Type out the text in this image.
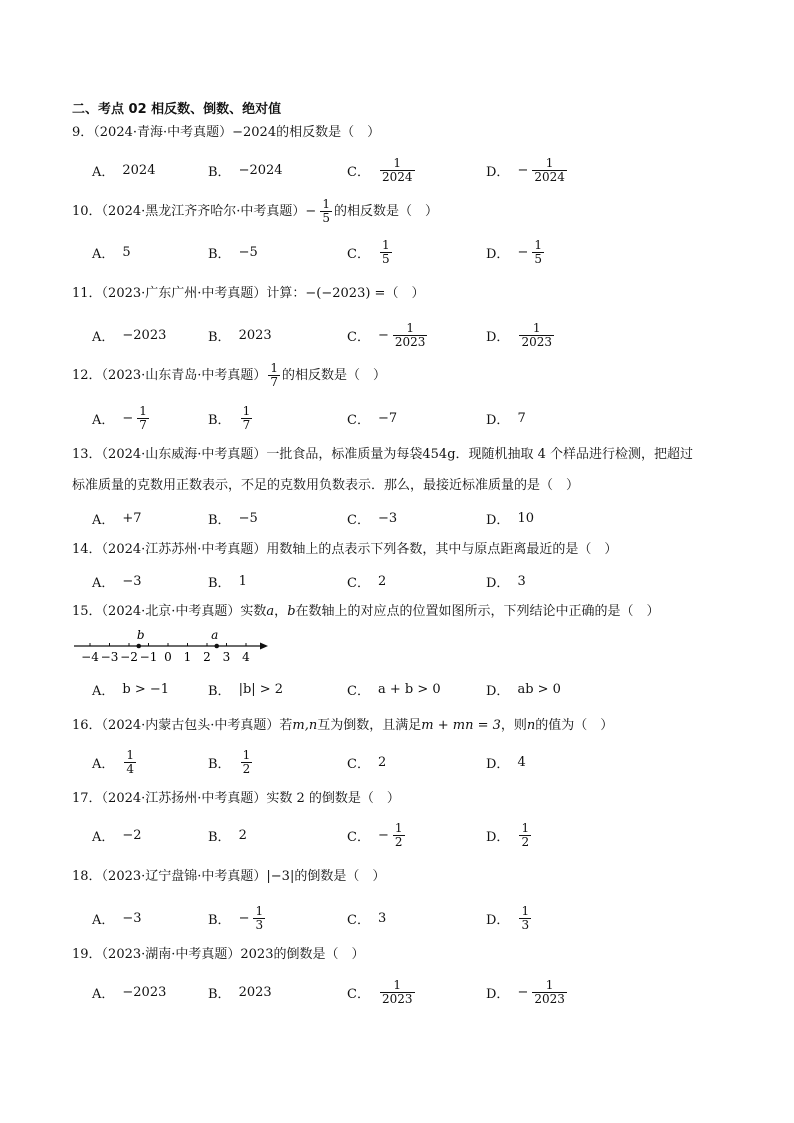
二、考点 02 相反数、倒数、绝对值
9．（2024·青海·中考真题）−2024的相反数是（　）
A． 2024	B． −2024	C． $\frac{1}{2024}$	D． − $\frac{1}{2024}$
10．（2024·黑龙江齐齐哈尔·中考真题）− $\frac{1}{5}$ 的相反数是（　）
A． 5	B． −5	C． $\frac{1}{5}$	D． − $\frac{1}{5}$
11．（2023·广东广州·中考真题）计算：−(−2023) =（　）
A． −2023	B． 2023	C． − $\frac{1}{2023}$	D． $\frac{1}{2023}$
12．（2023·山东青岛·中考真题） $\frac{1}{7}$ 的相反数是（　）
A． − $\frac{1}{7}$	B． $\frac{1}{7}$	C． −7	D． 7
13．（2024·山东威海·中考真题）一批食品，标准质量为每袋454g．现随机抽取 4 个样品进行检测，把超过
标准质量的克数用正数表示，不足的克数用负数表示．那么，最接近标准质量的是（　）
A． +7	B． −5	C． −3	D． 10
14．（2024·江苏苏州·中考真题）用数轴上的点表示下列各数，其中与原点距离最近的是（　）
A． −3	B． 1	C． 2	D． 3
15．（2024·北京·中考真题）实数a，b在数轴上的对应点的位置如图所示，下列结论中正确的是（　）
−4 −3 −2 −1 0 1 2 3 4
b	a
A． b > −1	B． |b| > 2	C． a + b > 0	D． ab > 0
16．（2024·内蒙古包头·中考真题）若m,n互为倒数，且满足m + mn = 3，则n的值为（　）
A． $\frac{1}{4}$	B． $\frac{1}{2}$	C． 2	D． 4
17．（2024·江苏扬州·中考真题）实数 2 的倒数是（　）
A． −2	B． 2	C． − $\frac{1}{2}$	D． $\frac{1}{2}$
18．（2023·辽宁盘锦·中考真题）|−3|的倒数是（　）
A． −3	B． − $\frac{1}{3}$	C． 3	D． $\frac{1}{3}$
19．（2023·湖南·中考真题）2023的倒数是（　）
A． −2023	B． 2023	C． $\frac{1}{2023}$	D． − $\frac{1}{2023}$
